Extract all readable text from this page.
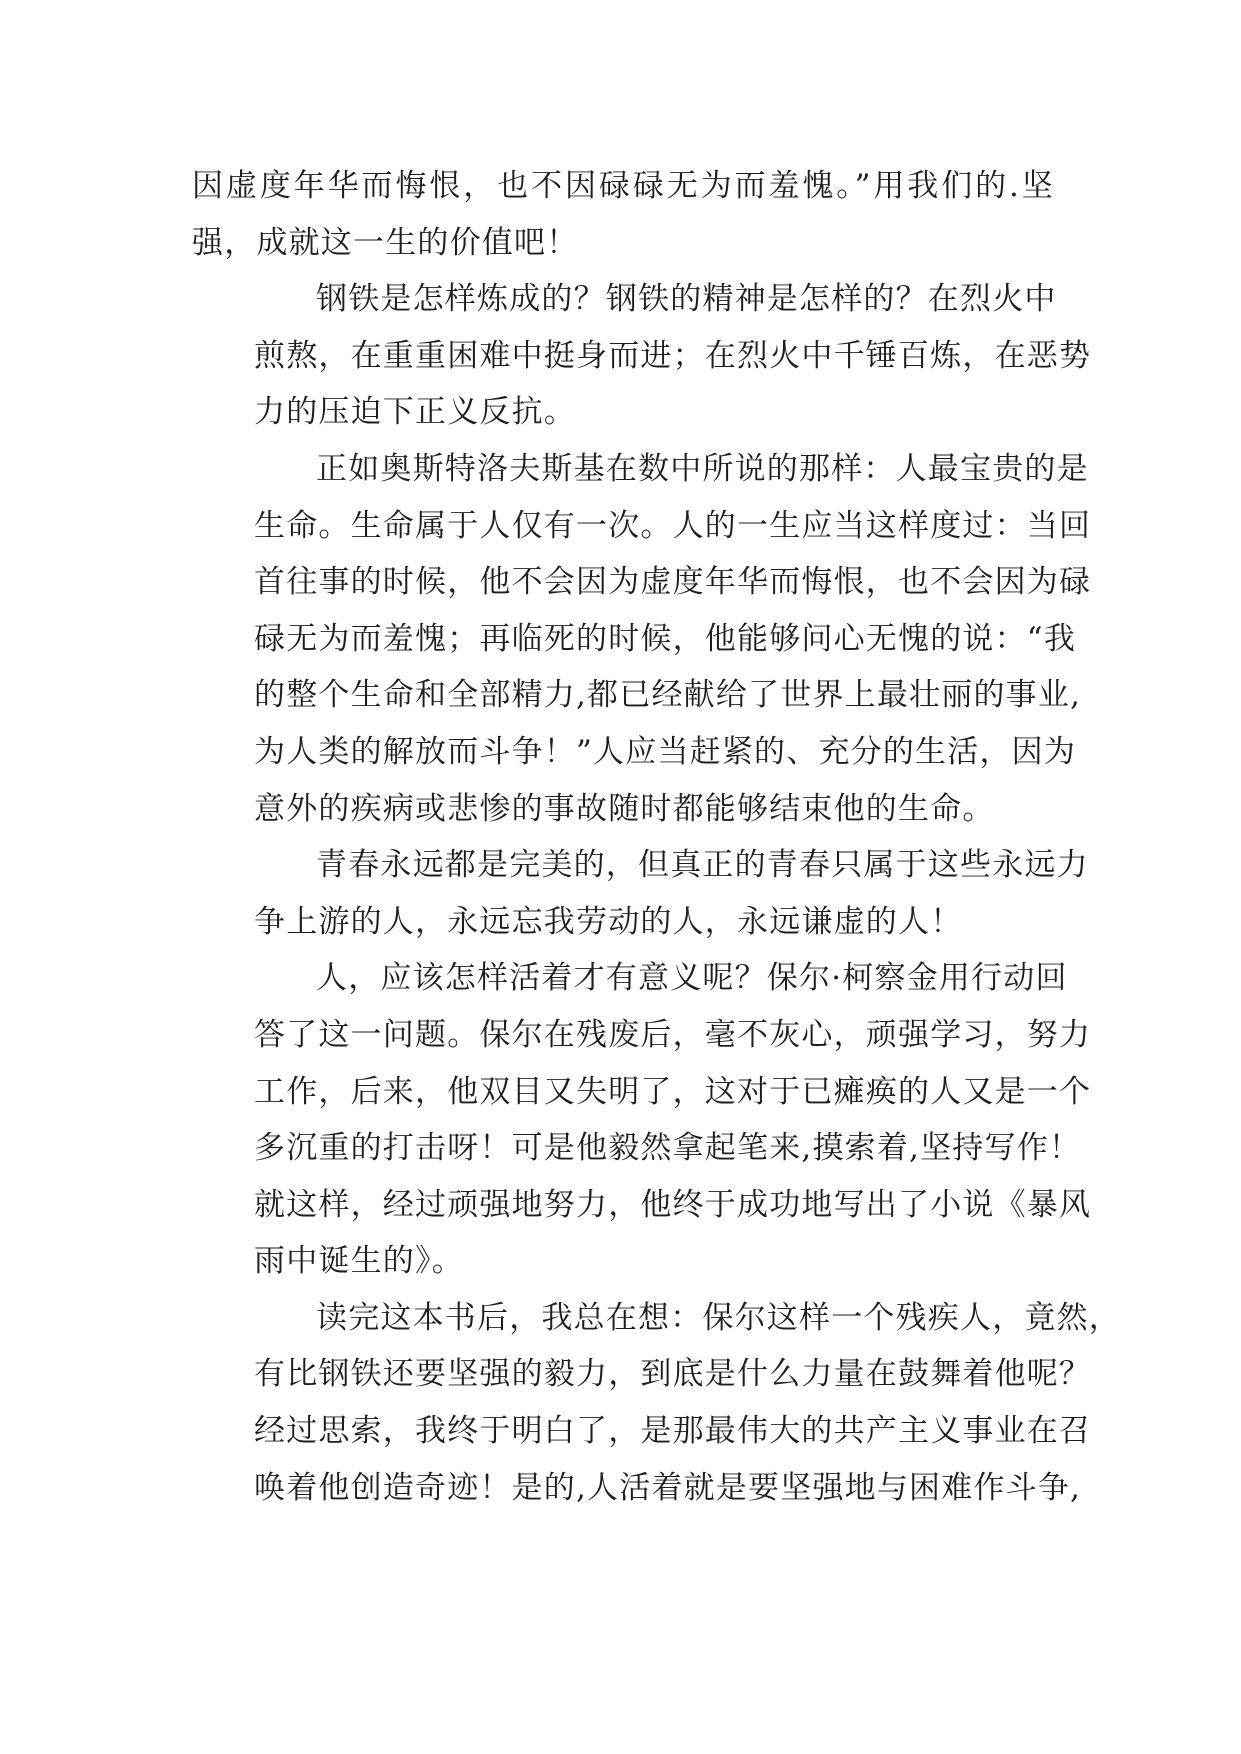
因虚度年华而悔恨，也不因碌碌无为而羞愧。”用我们的.坚
强，成就这一生的价值吧！
钢铁是怎样炼成的？钢铁的精神是怎样的？在烈火中
煎熬，在重重困难中挺身而进；在烈火中千锤百炼，在恶势
力的压迫下正义反抗。
正如奥斯特洛夫斯基在数中所说的那样：人最宝贵的是
生命。生命属于人仅有一次。人的一生应当这样度过：当回
首往事的时候，他不会因为虚度年华而悔恨，也不会因为碌
碌无为而羞愧；再临死的时候，他能够问心无愧的说：“我
的整个生命和全部精力,都已经献给了世界上最壮丽的事业,
为人类的解放而斗争！”人应当赶紧的、充分的生活，因为
意外的疾病或悲惨的事故随时都能够结束他的生命。
青春永远都是完美的，但真正的青春只属于这些永远力
争上游的人，永远忘我劳动的人，永远谦虚的人！
人，应该怎样活着才有意义呢？保尔·柯察金用行动回
答了这一问题。保尔在残废后，毫不灰心，顽强学习，努力
工作，后来，他双目又失明了，这对于已瘫痪的人又是一个
多沉重的打击呀！可是他毅然拿起笔来,摸索着,坚持写作！
就这样，经过顽强地努力，他终于成功地写出了小说《暴风
雨中诞生的》。
读完这本书后，我总在想：保尔这样一个残疾人，竟然，
有比钢铁还要坚强的毅力，到底是什么力量在鼓舞着他呢？
经过思索，我终于明白了，是那最伟大的共产主义事业在召
唤着他创造奇迹！是的,人活着就是要坚强地与困难作斗争,
